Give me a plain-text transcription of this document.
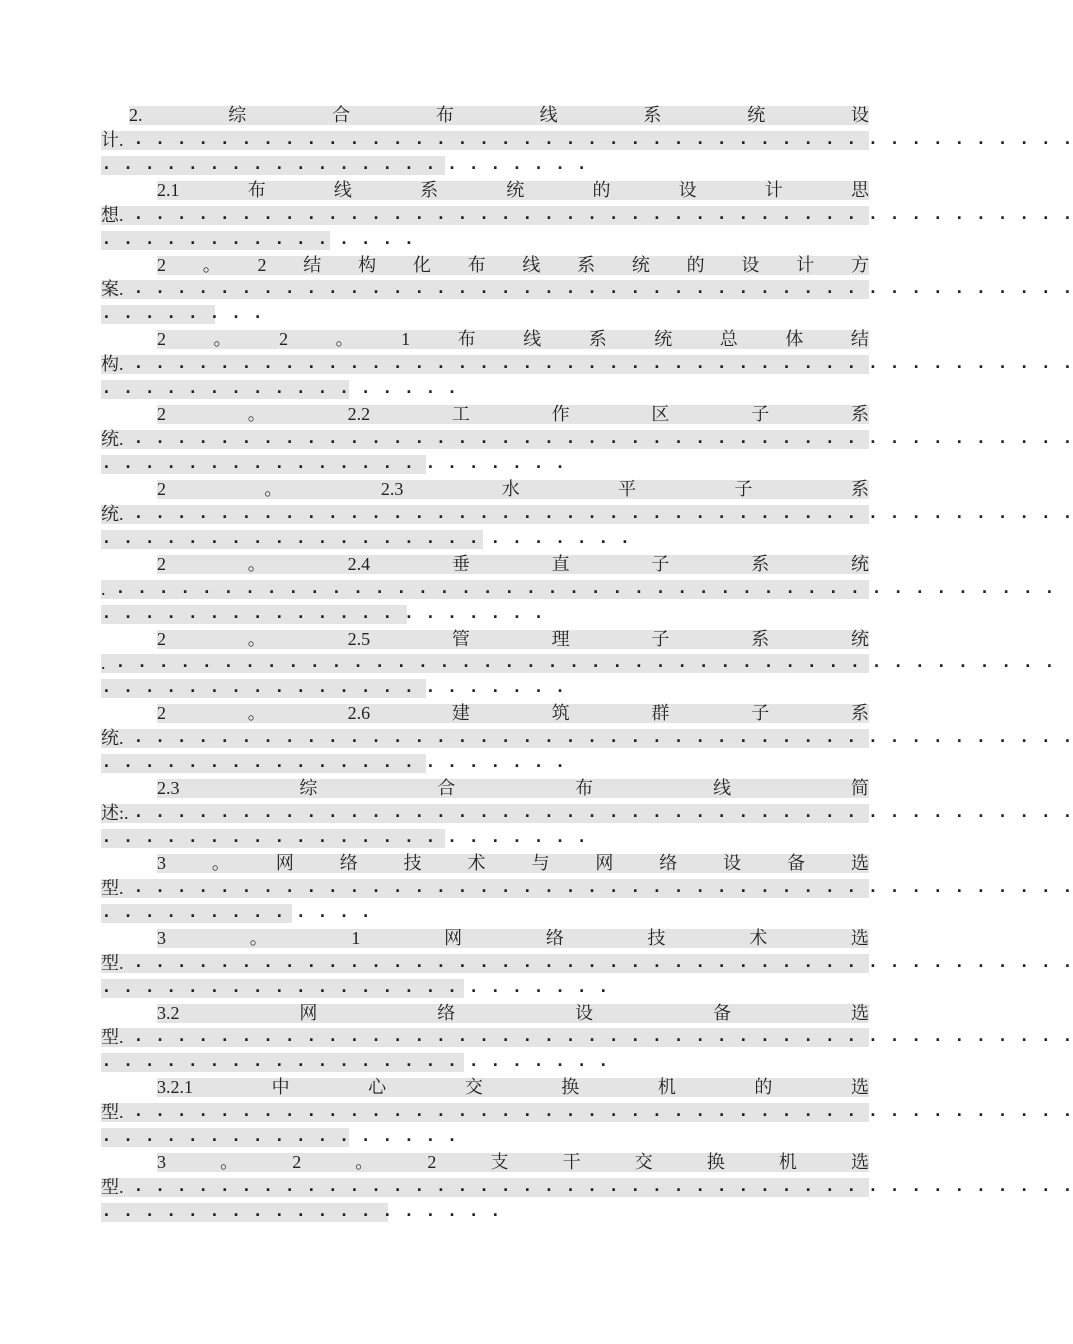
2.	综	合	布	线	系	统	设
计. . . . . . . . . . . . . . . . . . . . . . . . . . . . . . . . . . . . . . . . . . . . .
. . . . . . . . . . . . . . . . . . . . . . .
2.1	布	线	系	统	的	设	计	思
想. . . . . . . . . . . . . . . . . . . . . . . . . . . . . . . . . . . . . . . . . . . . .
. . . . . . . . . . . . . . .
2 。 2 结 构 化 布 线 系 统 的 设 计 方
案. . . . . . . . . . . . . . . . . . . . . . . . . . . . . . . . . . . . . . . . . . . . .
. . . . . . . .
2	。	2	。	1	布	线	系	统	总	体	结
构. . . . . . . . . . . . . . . . . . . . . . . . . . . . . . . . . . . . . . . . . . . . .
. . . . . . . . . . . . . . . . .
2	。	2.2	工	作	区	子	系
统. . . . . . . . . . . . . . . . . . . . . . . . . . . . . . . . . . . . . . . . . . . . .
. . . . . . . . . . . . . . . . . . . . . .
2	。	2.3	水	平	子	系
统. . . . . . . . . . . . . . . . . . . . . . . . . . . . . . . . . . . . . . . . . . . . .
. . . . . . . . . . . . . . . . . . . . . . . . .
2	。	2.4	垂	直	子	系	统
. . . . . . . . . . . . . . . . . . . . . . . . . . . . . . . . . . . . . . . . . . . . .
. . . . . . . . . . . . . . . . . . . . .
2	。	2.5	管	理	子	系	统
. . . . . . . . . . . . . . . . . . . . . . . . . . . . . . . . . . . . . . . . . . . . .
. . . . . . . . . . . . . . . . . . . . . .
2	。	2.6	建	筑	群	子	系
统. . . . . . . . . . . . . . . . . . . . . . . . . . . . . . . . . . . . . . . . . . . . .
. . . . . . . . . . . . . . . . . . . . . .
2.3	综	合	布	线	简
述:. . . . . . . . . . . . . . . . . . . . . . . . . . . . . . . . . . . . . . . . . . . . .
. . . . . . . . . . . . . . . . . . . . . . .
3	。	网	络	技	术	与	网	络	设	备	选
型. . . . . . . . . . . . . . . . . . . . . . . . . . . . . . . . . . . . . . . . . . . . .
. . . . . . . . . . . . .
3	。	1	网	络	技	术	选
型. . . . . . . . . . . . . . . . . . . . . . . . . . . . . . . . . . . . . . . . . . . . .
. . . . . . . . . . . . . . . . . . . . . . . .
3.2	网	络	设	备	选
型. . . . . . . . . . . . . . . . . . . . . . . . . . . . . . . . . . . . . . . . . . . . .
. . . . . . . . . . . . . . . . . . . . . . . .
3.2.1	中	心	交	换	机	的	选
型. . . . . . . . . . . . . . . . . . . . . . . . . . . . . . . . . . . . . . . . . . . . .
. . . . . . . . . . . . . . . . .
3	。	2	。	2	支	干	交	换	机	选
型. . . . . . . . . . . . . . . . . . . . . . . . . . . . . . . . . . . . . . . . . . . . .
. . . . . . . . . . . . . . . . . . .
